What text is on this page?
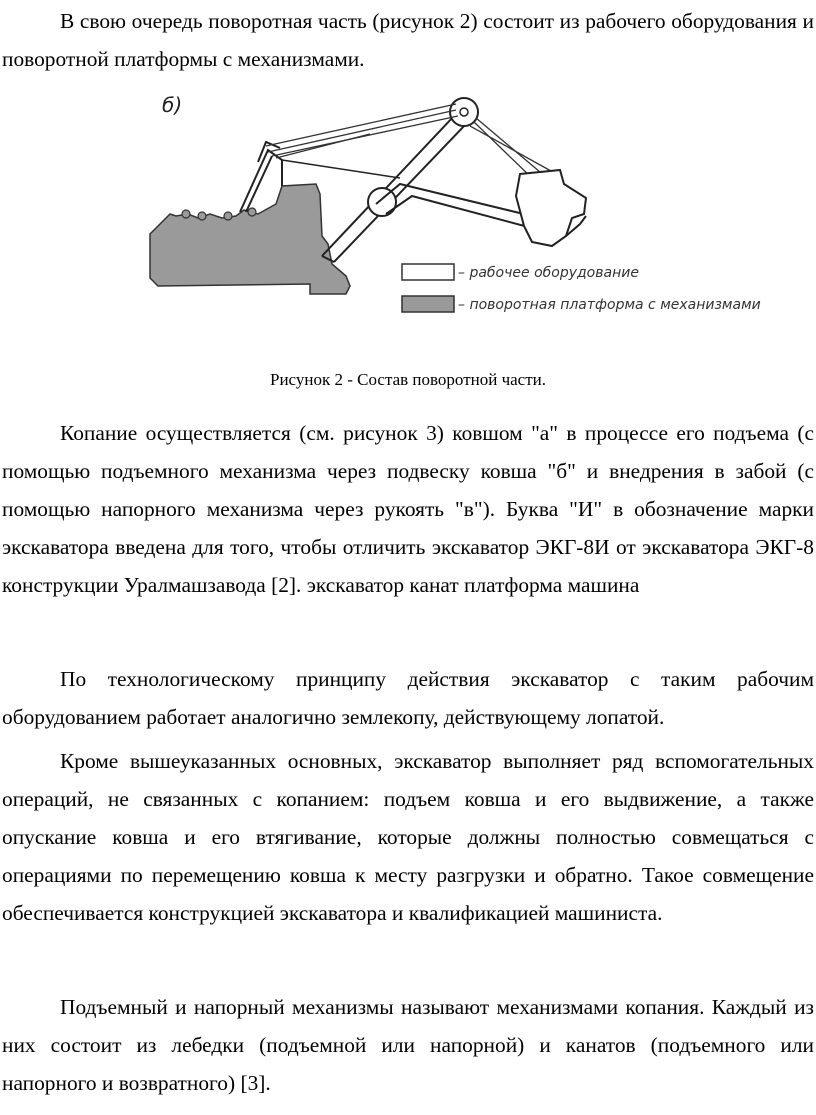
В свою очередь поворотная часть (рисунок 2) состоит из рабочего оборудования и поворотной платформы с механизмами.

б)
– рабочее оборудование
– поворотная платформа с механизмами
Рисунок 2 - Состав поворотной части.

Копание осуществляется (см. рисунок 3) ковшом "а" в процессе его подъема (с помощью подъемного механизма через подвеску ковша "б" и внедрения в забой (с помощью напорного механизма через рукоять "в"). Буква "И" в обозначение марки экскаватора введена для того, чтобы отличить экскаватор ЭКГ-8И от экскаватора ЭКГ-8 конструкции Уралмашзавода [2]. экскаватор канат платформа машина

По технологическому принципу действия экскаватор с таким рабочим оборудованием работает аналогично землекопу, действующему лопатой.

Кроме вышеуказанных основных, экскаватор выполняет ряд вспомогательных операций, не связанных с копанием: подъем ковша и его выдвижение, а также опускание ковша и его втягивание, которые должны полностью совмещаться с операциями по перемещению ковша к месту разгрузки и обратно. Такое совмещение обеспечивается конструкцией экскаватора и квалификацией машиниста.

Подъемный и напорный механизмы называют механизмами копания. Каждый из них состоит из лебедки (подъемной или напорной) и канатов (подъемного или напорного и возвратного) [3].
